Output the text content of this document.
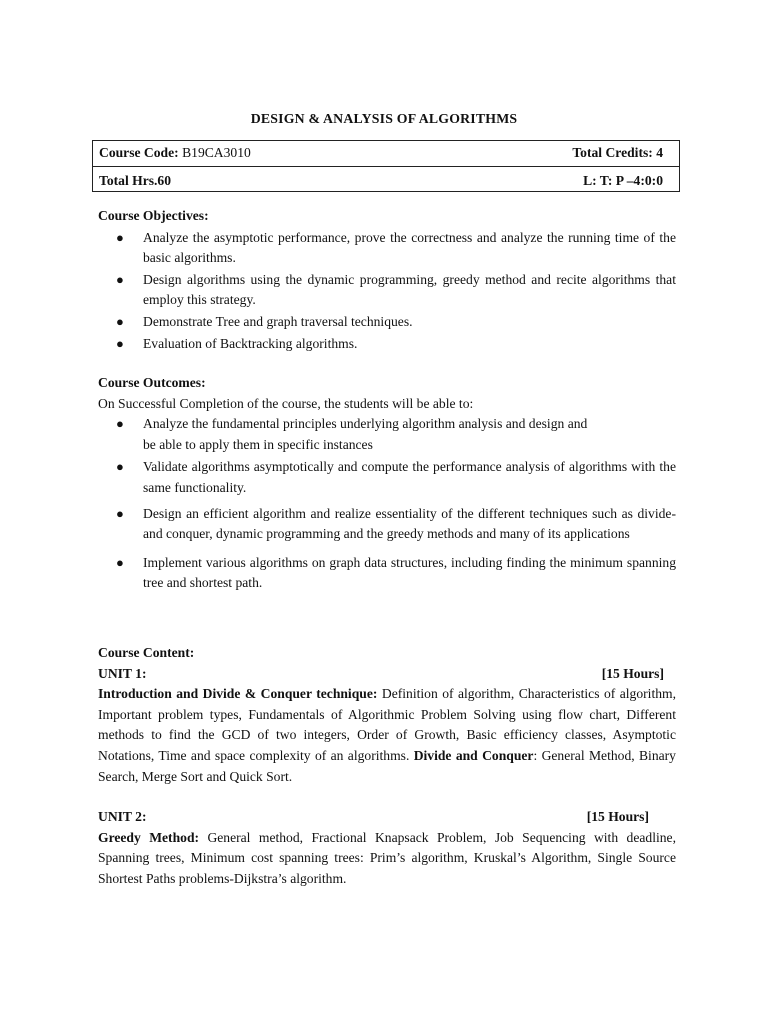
DESIGN & ANALYSIS OF ALGORITHMS
Course Code: B19CA3010	Total Credits: 4
Total Hrs.60	L: T: P –4:0:0
Course Objectives:
● Analyze the asymptotic performance, prove the correctness and analyze the running time of the basic algorithms.
● Design algorithms using the dynamic programming, greedy method and recite algorithms that employ this strategy.
● Demonstrate Tree and graph traversal techniques.
● Evaluation of Backtracking algorithms.
Course Outcomes:
On Successful Completion of the course, the students will be able to:
● Analyze the fundamental principles underlying algorithm analysis and design and
be able to apply them in specific instances
● Validate algorithms asymptotically and compute the performance analysis of algorithms with the same functionality.
● Design an efficient algorithm and realize essentiality of the different techniques such as divide-and conquer, dynamic programming and the greedy methods and many of its applications
● Implement various algorithms on graph data structures, including finding the minimum spanning tree and shortest path.
Course Content:
UNIT 1:	[15 Hours]
Introduction and Divide & Conquer technique: Definition of algorithm, Characteristics of algorithm, Important problem types, Fundamentals of Algorithmic Problem Solving using flow chart, Different methods to find the GCD of two integers, Order of Growth, Basic efficiency classes, Asymptotic Notations, Time and space complexity of an algorithms. Divide and Conquer: General Method, Binary Search, Merge Sort and Quick Sort.
UNIT 2:	[15 Hours]
Greedy Method: General method, Fractional Knapsack Problem, Job Sequencing with deadline, Spanning trees, Minimum cost spanning trees: Prim’s algorithm, Kruskal’s Algorithm, Single Source Shortest Paths problems-Dijkstra’s algorithm.
